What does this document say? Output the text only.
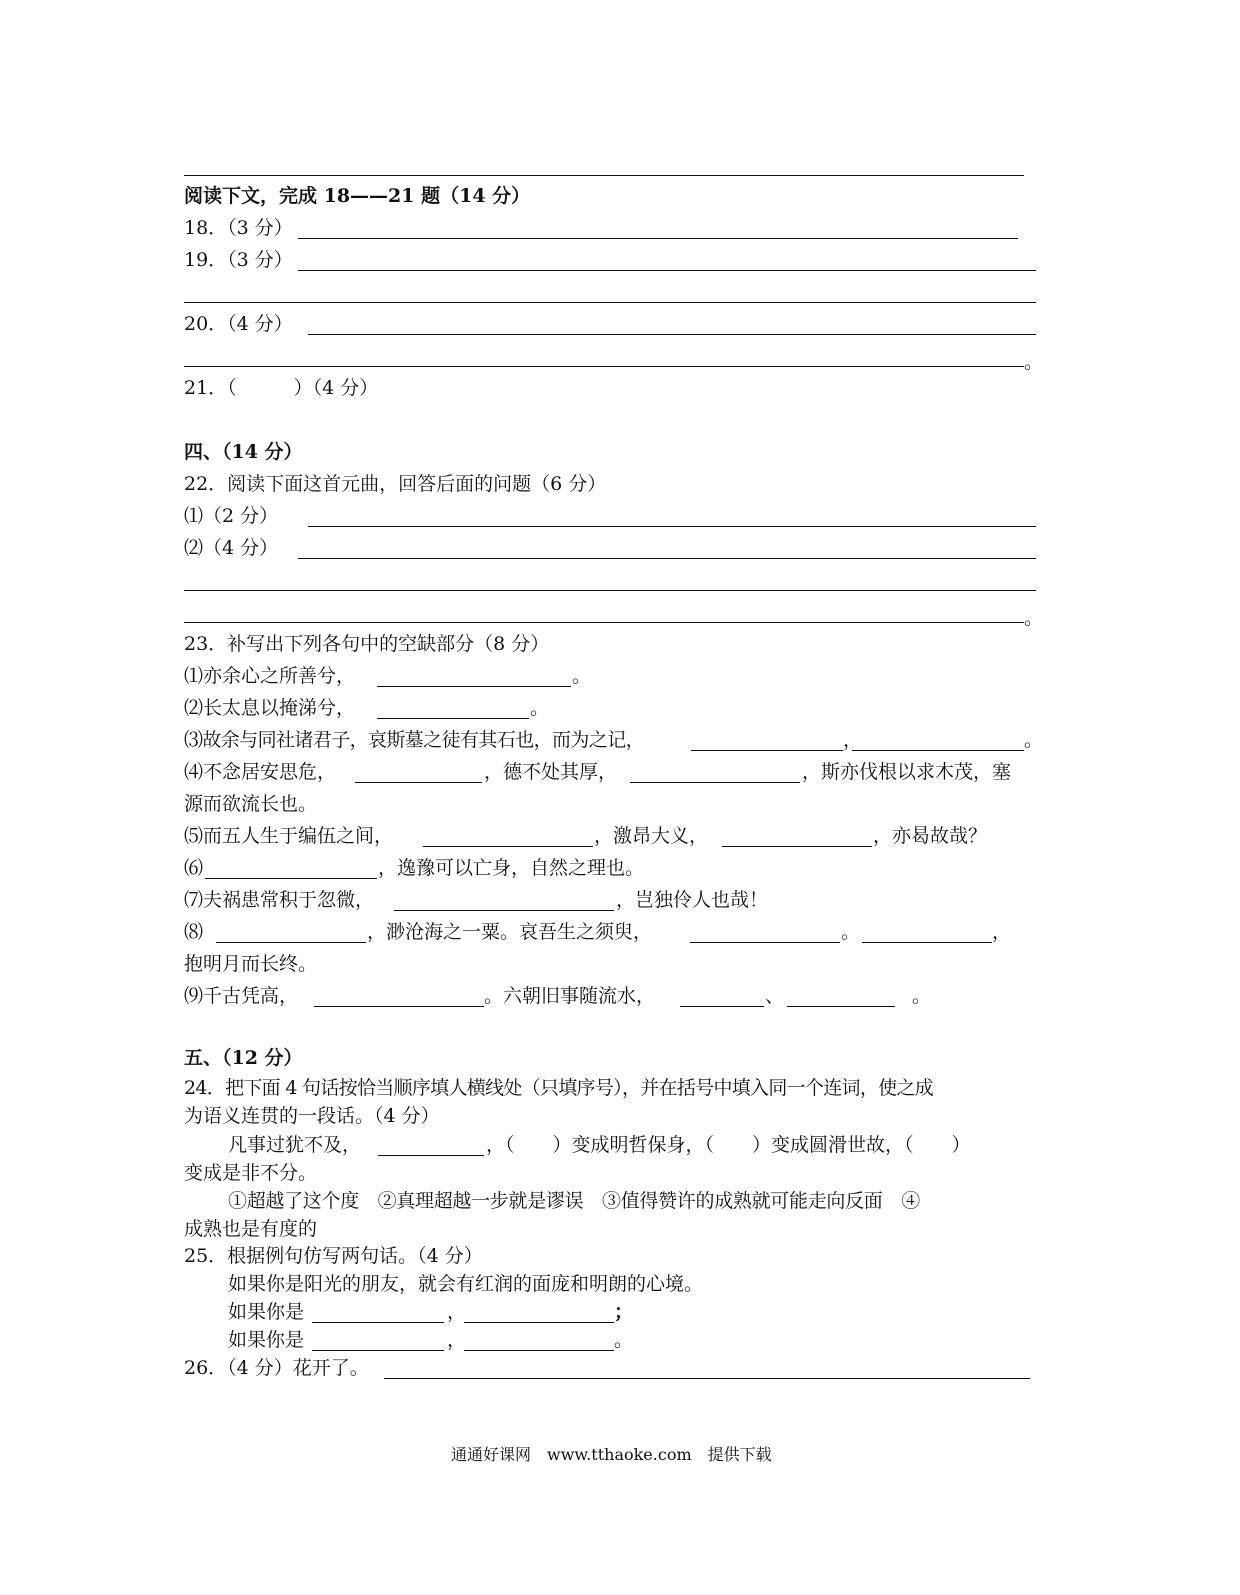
阅读下文，完成 18——21 题（14 分）
18．（3 分）
19．（3 分）
20．（4 分）
。
21．（　　　）（4 分）
四、（14 分）
22．阅读下面这首元曲，回答后面的问题（6 分）
⑴（2 分）
⑵（4 分）
。
23．补写出下列各句中的空缺部分（8 分）
⑴亦余心之所善兮，	。
⑵长太息以掩涕兮，	。
⑶故余与同社诸君子，哀斯墓之徒有其石也，而为之记，	，	。
⑷不念居安思危，	，德不处其厚，	，斯亦伐根以求木茂，塞
源而欲流长也。
⑸而五人生于编伍之间，	，激昂大义，	，亦曷故哉？
⑹	，逸豫可以亡身，自然之理也。
⑺夫祸患常积于忽微，	，岂独伶人也哉！
⑻	，渺沧海之一粟。哀吾生之须臾，	。	，
抱明月而长终。
⑼千古凭高，	。六朝旧事随流水，	、	。
五、（12 分）
24．把下面 4 句话按恰当顺序填人横线处（只填序号），并在括号中填入同一个连词，使之成
为语义连贯的一段话。（4 分）
凡事过犹不及，	，（　　）变成明哲保身，（　　）变成圆滑世故，（　　）
变成是非不分。
①超越了这个度　②真理超越一步就是谬误　③值得赞许的成熟就可能走向反面　④
成熟也是有度的
25．根据例句仿写两句话。（4 分）
如果你是阳光的朋友，就会有红润的面庞和明朗的心境。
如果你是	，	；
如果你是	，	。
26．（4 分）花开了。
通通好课网　www.tthaoke.com　提供下载
